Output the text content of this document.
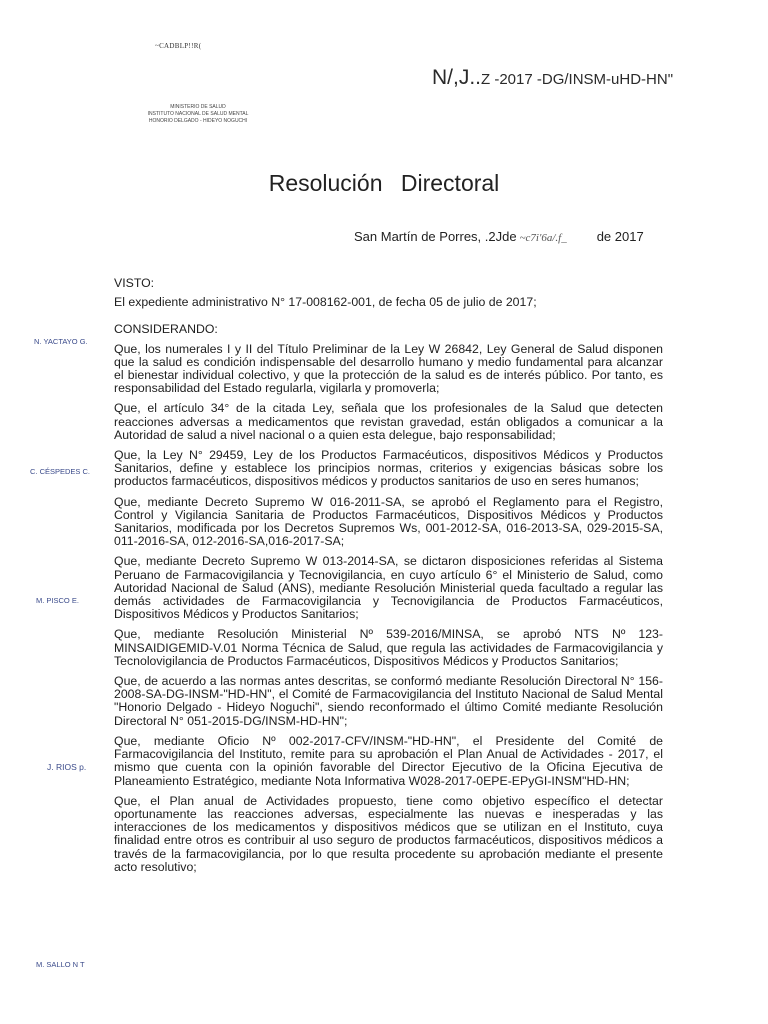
~CADBLP!!R(
N/,J..Z -2017 -DG/INSM-uHD-HN"
MINISTERIO DE SALUD
INSTITUTO NACIONAL DE SALUD MENTAL
HONORIO DELGADO - HIDEYO NOGUCHI
Resolución Directoral
San Martín de Porres, .2Jde ~c7i'6a/.f_ de 2017
VISTO:

El expediente administrativo N° 17-008162-001, de fecha 05 de julio de 2017;

CONSIDERANDO:

Que, los numerales I y II del Título Preliminar de la Ley W 26842, Ley General de Salud disponen que la salud es condición indispensable del desarrollo humano y medio fundamental para alcanzar el bienestar individual colectivo, y que la protección de la salud es de interés público. Por tanto, es responsabilidad del Estado regularla, vigilarla y promoverla;

Que, el artículo 34° de la citada Ley, señala que los profesionales de la Salud que detecten reacciones adversas a medicamentos que revistan gravedad, están obligados a comunicar a la Autoridad de salud a nivel nacional o a quien esta delegue, bajo responsabilidad;

Que, la Ley N° 29459, Ley de los Productos Farmacéuticos, dispositivos Médicos y Productos Sanitarios, define y establece los principios normas, criterios y exigencias básicas sobre los productos farmacéuticos, dispositivos médicos y productos sanitarios de uso en seres humanos;

Que, mediante Decreto Supremo W 016-2011-SA, se aprobó el Reglamento para el Registro, Control y Vigilancia Sanitaria de Productos Farmacéuticos, Dispositivos Médicos y Productos Sanitarios, modificada por los Decretos Supremos Ws, 001-2012-SA, 016-2013-SA, 029-2015-SA, 011-2016-SA, 012-2016-SA,016-2017-SA;

Que, mediante Decreto Supremo W 013-2014-SA, se dictaron disposiciones referidas al Sistema Peruano de Farmacovigilancia y Tecnovigilancia, en cuyo artículo 6° el Ministerio de Salud, como Autoridad Nacional de Salud (ANS), mediante Resolución Ministerial queda facultado a regular las demás actividades de Farmacovigilancia y Tecnovigilancia de Productos Farmacéuticos, Dispositivos Médicos y Productos Sanitarios;

Que, mediante Resolución Ministerial Nº 539-2016/MINSA, se aprobó NTS Nº 123-MINSAIDIGEMID-V.01 Norma Técnica de Salud, que regula las actividades de Farmacovigilancia y Tecnolovigilancia de Productos Farmacéuticos, Dispositivos Médicos y Productos Sanitarios;

Que, de acuerdo a las normas antes descritas, se conformó mediante Resolución Directoral N° 156-2008-SA-DG-INSM-"HD-HN", el Comité de Farmacovigilancia del Instituto Nacional de Salud Mental "Honorio Delgado - Hideyo Noguchi", siendo reconformado el último Comité mediante Resolución Directoral N° 051-2015-DG/INSM-HD-HN";

Que, mediante Oficio Nº 002-2017-CFV/INSM-"HD-HN", el Presidente del Comité de Farmacovigilancia del Instituto, remite para su aprobación el Plan Anual de Actividades - 2017, el mismo que cuenta con la opinión favorable del Director Ejecutivo de la Oficina Ejecutiva de Planeamiento Estratégico, mediante Nota Informativa W028-2017-0EPE-EPyGI-INSM"HD-HN;

Que, el Plan anual de Actividades propuesto, tiene como objetivo específico el detectar oportunamente las reacciones adversas, especialmente las nuevas e inesperadas y las interacciones de los medicamentos y dispositivos médicos que se utilizan en el Instituto, cuya finalidad entre otros es contribuir al uso seguro de productos farmacéuticos, dispositivos médicos a través de la farmacovigilancia, por lo que resulta procedente su aprobación mediante el presente acto resolutivo;

N. YACTAYO G.
C. CÉSPEDES C.
M. PISCO E.
J. RIOS p.
M. SALLO N T
